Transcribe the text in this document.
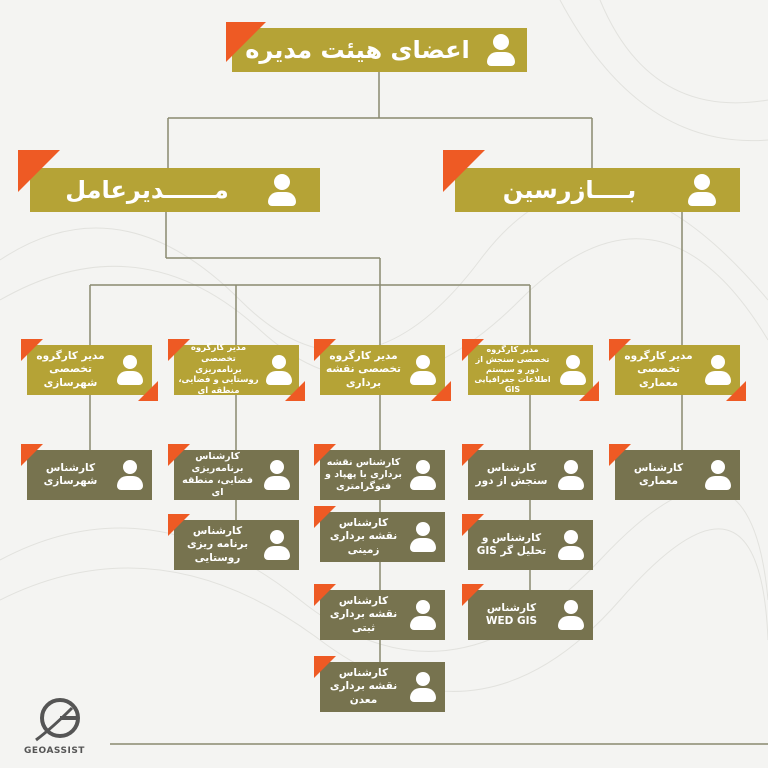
اعضای هیئت مدیره
مــــــدیرعامل	بــــازرسین
مدیر کارگروه تخصصی معماری
مدیر کارگروه تخصصی سنجش از دور و سیستم اطلاعات جغرافیایی GIS
مدیر کارگروه تخصصی نقشه برداری
مدیر کارگروه تخصصی برنامه‌ریزی روستایی و فضایی، منطقه ای
مدیر کارگروه تخصصی شهرسازی
کارشناس معماری
کارشناس سنجش از دور
کارشناس و تحلیل گر GIS
کارشناس WED GIS
کارشناس نقشه برداری با پهپاد و فتوگرامتری
کارشناس نقشه برداری زمینی
کارشناس نقشه برداری ثبتی
کارشناس نقشه برداری معدن
کارشناس برنامه‌ریزی فضایی، منطقه ای
کارشناس برنامه ریزی روستایی
کارشناس شهرسازی
GEOASSIST
